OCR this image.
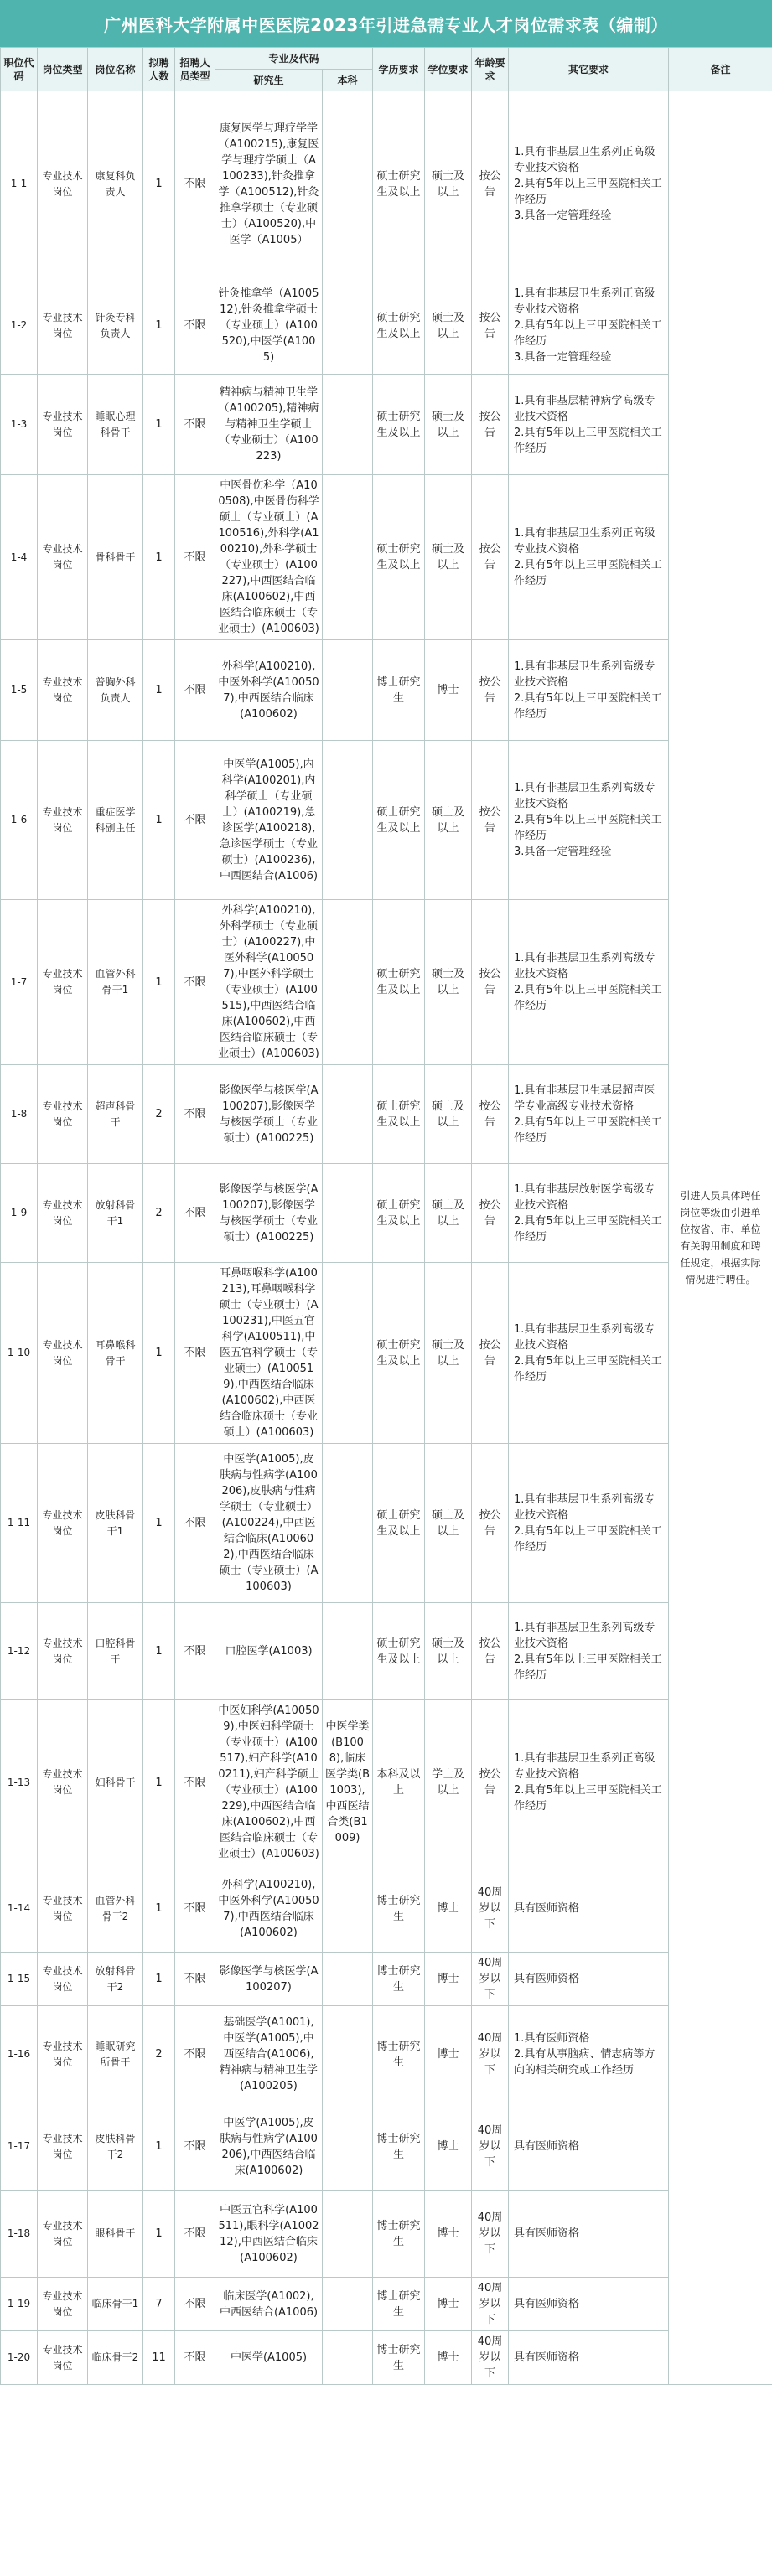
广州医科大学附属中医医院2023年引进急需专业人才岗位需求表（编制）
职位代码	岗位类型	岗位名称	拟聘人数	招聘人员类型	专业及代码		学历要求	学位要求	年龄要求	其它要求	备注
					研究生	本科					
1-1	专业技术岗位	康复科负责人	1	不限	康复医学与理疗学学（A100215),康复医学与理疗学硕士（A100233),针灸推拿学（A100512),针灸推拿学硕士（专业硕士）（A100520),中医学（A1005）		硕士研究生及以上	硕士及以上	按公告	1.具有非基层卫生系列正高级专业技术资格
2.具有5年以上三甲医院相关工作经历
3.具备一定管理经验	引进人员具体聘任岗位等级由引进单位按省、市、单位有关聘用制度和聘任规定，根据实际情况进行聘任。
1-2	专业技术岗位	针灸专科负责人	1	不限	针灸推拿学（A100512),针灸推拿学硕士（专业硕士）(A100520),中医学(A1005)		硕士研究生及以上	硕士及以上	按公告	1.具有非基层卫生系列正高级专业技术资格
2.具有5年以上三甲医院相关工作经历
3.具备一定管理经验	
1-3	专业技术岗位	睡眠心理科骨干	1	不限	精神病与精神卫生学（A100205),精神病与精神卫生学硕士（专业硕士）（A100223)		硕士研究生及以上	硕士及以上	按公告	1.具有非基层精神病学高级专业技术资格
2.具有5年以上三甲医院相关工作经历	
1-4	专业技术岗位	骨科骨干	1	不限	中医骨伤科学（A100508),中医骨伤科学硕士（专业硕士）(A100516),外科学(A100210),外科学硕士（专业硕士）(A100227),中西医结合临床(A100602),中西医结合临床硕士（专业硕士）(A100603)		硕士研究生及以上	硕士及以上	按公告	1.具有非基层卫生系列正高级专业技术资格
2.具有5年以上三甲医院相关工作经历	
1-5	专业技术岗位	普胸外科负责人	1	不限	外科学(A100210),中医外科学(A100507),中西医结合临床(A100602)		博士研究生	博士	按公告	1.具有非基层卫生系列高级专业技术资格
2.具有5年以上三甲医院相关工作经历	
1-6	专业技术岗位	重症医学科副主任	1	不限	中医学(A1005),内科学(A100201),内科学硕士（专业硕士）(A100219),急诊医学(A100218),急诊医学硕士（专业硕士）(A100236),中西医结合(A1006)		硕士研究生及以上	硕士及以上	按公告	1.具有非基层卫生系列高级专业技术资格
2.具有5年以上三甲医院相关工作经历
3.具备一定管理经验	
1-7	专业技术岗位	血管外科骨干1	1	不限	外科学(A100210),外科学硕士（专业硕士）(A100227),中医外科学(A100507),中医外科学硕士（专业硕士）(A100515),中西医结合临床(A100602),中西医结合临床硕士（专业硕士）(A100603)		硕士研究生及以上	硕士及以上	按公告	1.具有非基层卫生系列高级专业技术资格
2.具有5年以上三甲医院相关工作经历	
1-8	专业技术岗位	超声科骨干	2	不限	影像医学与核医学(A100207),影像医学与核医学硕士（专业硕士）(A100225)		硕士研究生及以上	硕士及以上	按公告	1.具有非基层卫生基层超声医学专业高级专业技术资格
2.具有5年以上三甲医院相关工作经历	
1-9	专业技术岗位	放射科骨干1	2	不限	影像医学与核医学(A100207),影像医学与核医学硕士（专业硕士）(A100225)		硕士研究生及以上	硕士及以上	按公告	1.具有非基层放射医学高级专业技术资格
2.具有5年以上三甲医院相关工作经历	
1-10	专业技术岗位	耳鼻喉科骨干	1	不限	耳鼻咽喉科学(A100213),耳鼻咽喉科学硕士（专业硕士）(A100231),中医五官科学(A100511),中医五官科学硕士（专业硕士）(A100519),中西医结合临床(A100602),中西医结合临床硕士（专业硕士）(A100603)		硕士研究生及以上	硕士及以上	按公告	1.具有非基层卫生系列高级专业技术资格
2.具有5年以上三甲医院相关工作经历	
1-11	专业技术岗位	皮肤科骨干1	1	不限	中医学(A1005),皮肤病与性病学(A100206),皮肤病与性病学硕士（专业硕士）(A100224),中西医结合临床(A100602),中西医结合临床硕士（专业硕士）(A100603)		硕士研究生及以上	硕士及以上	按公告	1.具有非基层卫生系列高级专业技术资格
2.具有5年以上三甲医院相关工作经历	
1-12	专业技术岗位	口腔科骨干	1	不限	口腔医学(A1003)		硕士研究生及以上	硕士及以上	按公告	1.具有非基层卫生系列高级专业技术资格
2.具有5年以上三甲医院相关工作经历	
1-13	专业技术岗位	妇科骨干	1	不限	中医妇科学(A100509),中医妇科学硕士（专业硕士）(A100517),妇产科学(A100211),妇产科学硕士（专业硕士）(A100229),中西医结合临床(A100602),中西医结合临床硕士（专业硕士）(A100603)	中医学类(B1008),临床医学类(B1003),中西医结合类(B1009)	本科及以上	学士及以上	按公告	1.具有非基层卫生系列正高级专业技术资格
2.具有5年以上三甲医院相关工作经历	
1-14	专业技术岗位	血管外科骨干2	1	不限	外科学(A100210),中医外科学(A100507),中西医结合临床(A100602)		博士研究生	博士	40周岁以下	具有医师资格	
1-15	专业技术岗位	放射科骨干2	1	不限	影像医学与核医学(A100207)		博士研究生	博士	40周岁以下	具有医师资格	
1-16	专业技术岗位	睡眠研究所骨干	2	不限	基础医学(A1001),中医学(A1005),中西医结合(A1006),精神病与精神卫生学(A100205)		博士研究生	博士	40周岁以下	1.具有医师资格
2.具有从事脑病、情志病等方向的相关研究或工作经历	
1-17	专业技术岗位	皮肤科骨干2	1	不限	中医学(A1005),皮肤病与性病学(A100206),中西医结合临床(A100602)		博士研究生	博士	40周岁以下	具有医师资格	
1-18	专业技术岗位	眼科骨干	1	不限	中医五官科学(A100511),眼科学(A100212),中西医结合临床(A100602)		博士研究生	博士	40周岁以下	具有医师资格	
1-19	专业技术岗位	临床骨干1	7	不限	临床医学(A1002),中西医结合(A1006)		博士研究生	博士	40周岁以下	具有医师资格	
1-20	专业技术岗位	临床骨干2	11	不限	中医学(A1005)		博士研究生	博士	40周岁以下	具有医师资格	
